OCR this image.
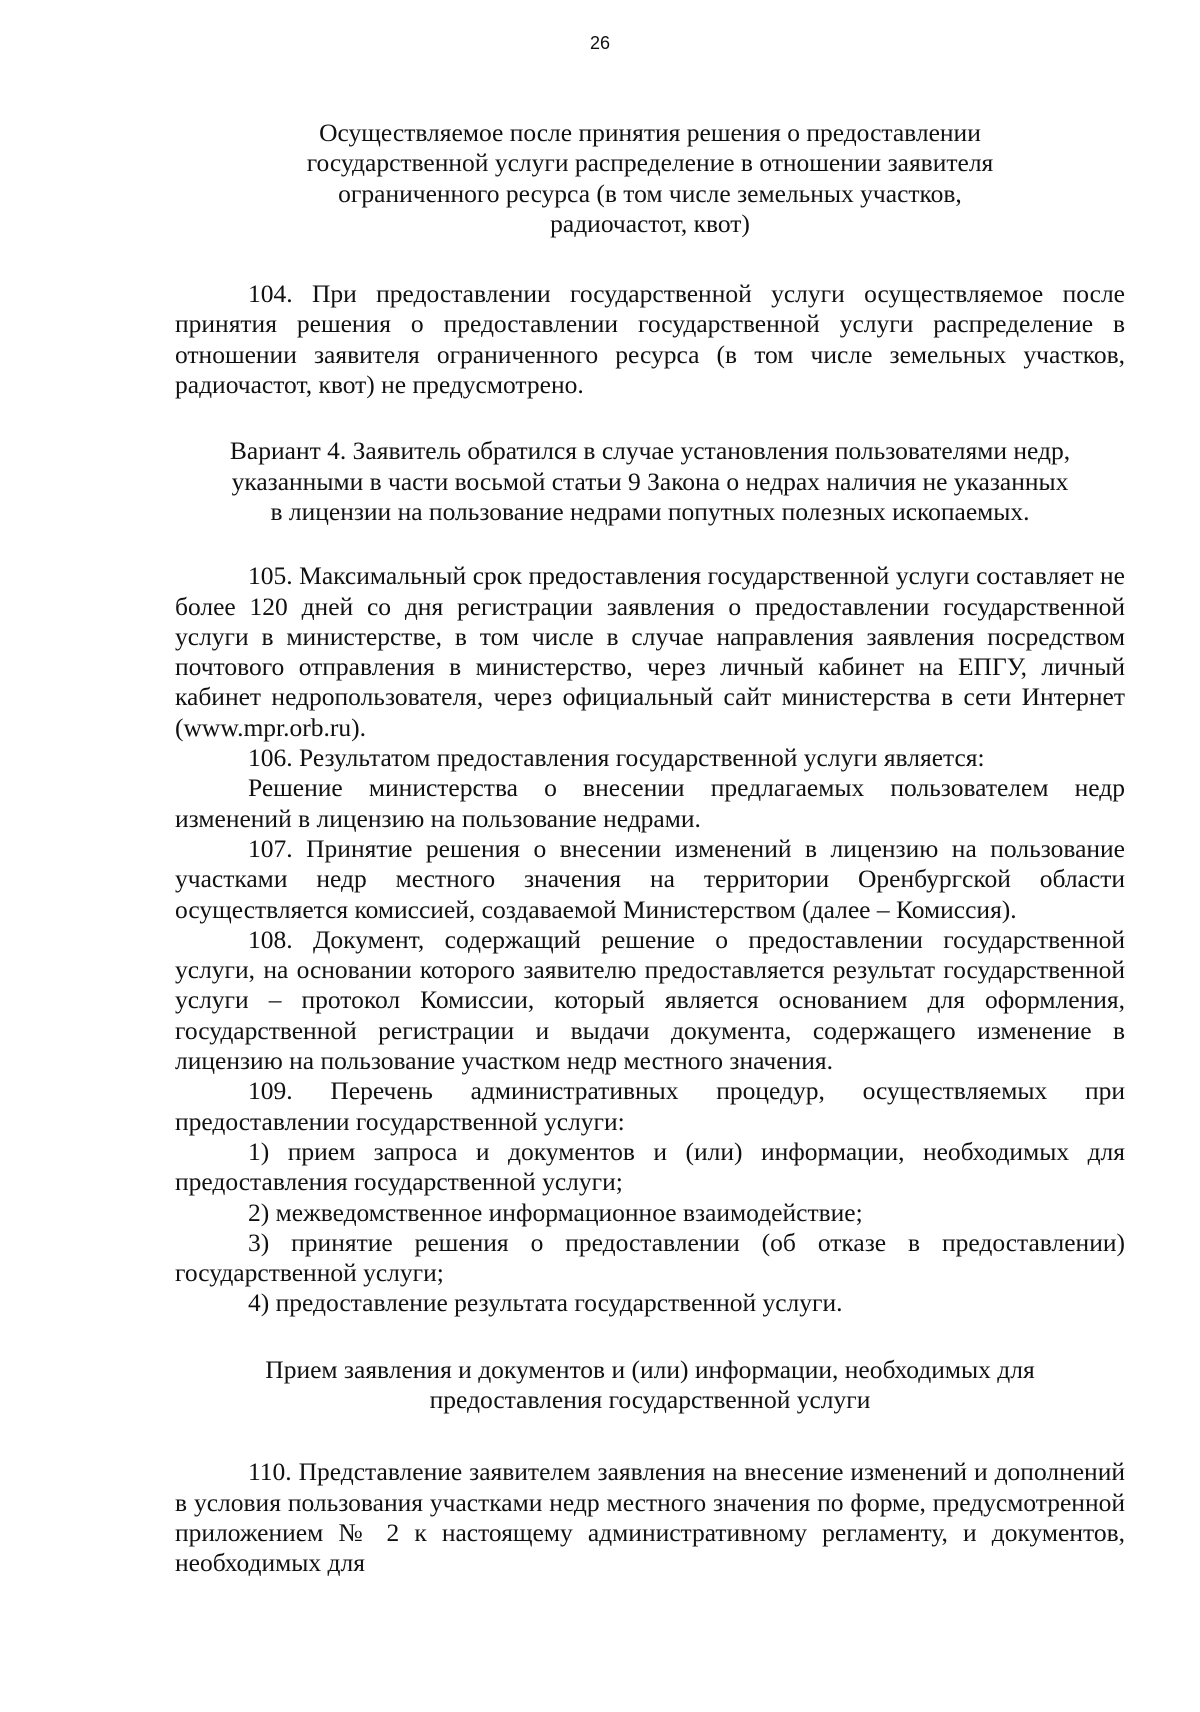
26
Осуществляемое после принятия решения о предоставлении
государственной услуги распределение в отношении заявителя
ограниченного ресурса (в том числе земельных участков,
радиочастот, квот)

104. При предоставлении государственной услуги осуществляемое после принятия решения о предоставлении государственной услуги распределение в отношении заявителя ограниченного ресурса (в том числе земельных участков, радиочастот, квот) не предусмотрено.

Вариант 4. Заявитель обратился в случае установления пользователями недр,
указанными в части восьмой статьи 9 Закона о недрах наличия не указанных
в лицензии на пользование недрами попутных полезных ископаемых.

105. Максимальный срок предоставления государственной услуги составляет не более 120 дней со дня регистрации заявления о предоставлении государственной услуги в министерстве, в том числе в случае направления заявления посредством почтового отправления в министерство, через личный кабинет на ЕПГУ, личный кабинет недропользователя, через официальный сайт министерства в сети Интернет (www.mpr.orb.ru).

106. Результатом предоставления государственной услуги является:

Решение министерства о внесении предлагаемых пользователем недр изменений в лицензию на пользование недрами.

107. Принятие решения о внесении изменений в лицензию на пользование участками недр местного значения на территории Оренбургской области осуществляется комиссией, создаваемой Министерством (далее – Комиссия).

108. Документ, содержащий решение о предоставлении государственной услуги, на основании которого заявителю предоставляется результат государственной услуги – протокол Комиссии, который является основанием для оформления, государственной регистрации и выдачи документа, содержащего изменение в лицензию на пользование участком недр местного значения.

109. Перечень административных процедур, осуществляемых при предоставлении государственной услуги:

1) прием запроса и документов и (или) информации, необходимых для предоставления государственной услуги;

2) межведомственное информационное взаимодействие;

3) принятие решения о предоставлении (об отказе в предоставлении) государственной услуги;

4) предоставление результата государственной услуги.

Прием заявления и документов и (или) информации, необходимых для
предоставления государственной услуги

110. Представление заявителем заявления на внесение изменений и дополнений в условия пользования участками недр местного значения по форме, предусмотренной приложением № 2 к настоящему административному регламенту, и документов, необходимых для
